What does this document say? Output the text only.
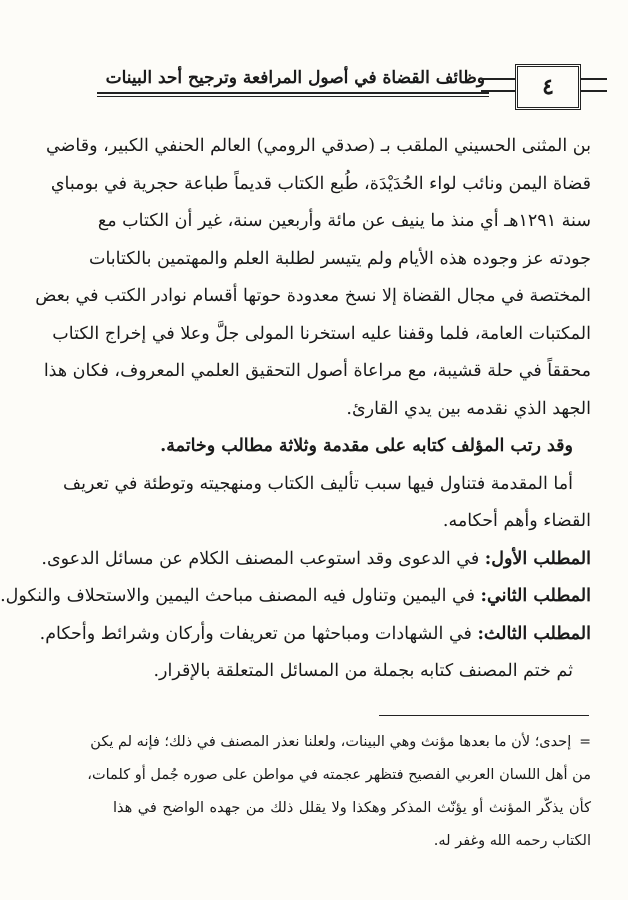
وظائف القضاة في أصول المرافعة وترجيح أحد البينات	٤
بن المثنى الحسيني الملقب بـ (صدقي الرومي) العالم الحنفي الكبير، وقاضي
قضاة اليمن ونائب لواء الحُدَيْدَة، طُبع الكتاب قديماً طباعة حجرية في بومباي
سنة ١٢٩١هـ أي منذ ما ينيف عن مائة وأربعين سنة، غير أن الكتاب مع
جودته عز وجوده هذه الأيام ولم يتيسر لطلبة العلم والمهتمين بالكتابات
المختصة في مجال القضاة إلا نسخ معدودة حوتها أقسام نوادر الكتب في بعض
المكتبات العامة، فلما وقفنا عليه استخرنا المولى جلَّ وعلا في إخراج الكتاب
محققاً في حلة قشيبة، مع مراعاة أصول التحقيق العلمي المعروف، فكان هذا
الجهد الذي نقدمه بين يدي القارئ.
وقد رتب المؤلف كتابه على مقدمة وثلاثة مطالب وخاتمة.
أما المقدمة فتناول فيها سبب تأليف الكتاب ومنهجيته وتوطئة في تعريف
القضاء وأهم أحكامه.
المطلب الأول: في الدعوى وقد استوعب المصنف الكلام عن مسائل الدعوى.
المطلب الثاني: في اليمين وتناول فيه المصنف مباحث اليمين والاستحلاف والنكول.
المطلب الثالث: في الشهادات ومباحثها من تعريفات وأركان وشرائط وأحكام.
ثم ختم المصنف كتابه بجملة من المسائل المتعلقة بالإقرار.
=إحدى؛ لأن ما بعدها مؤنث وهي البينات، ولعلنا نعذر المصنف في ذلك؛ فإنه لم يكن
من أهل اللسان العربي الفصيح فتظهر عجمته في مواطن على صوره جُمل أو كلمات،
كأن يذكّر المؤنث أو يؤنّث المذكر وهكذا ولا يقلل ذلك من جهده الواضح في هذا
الكتاب رحمه الله وغفر له.
